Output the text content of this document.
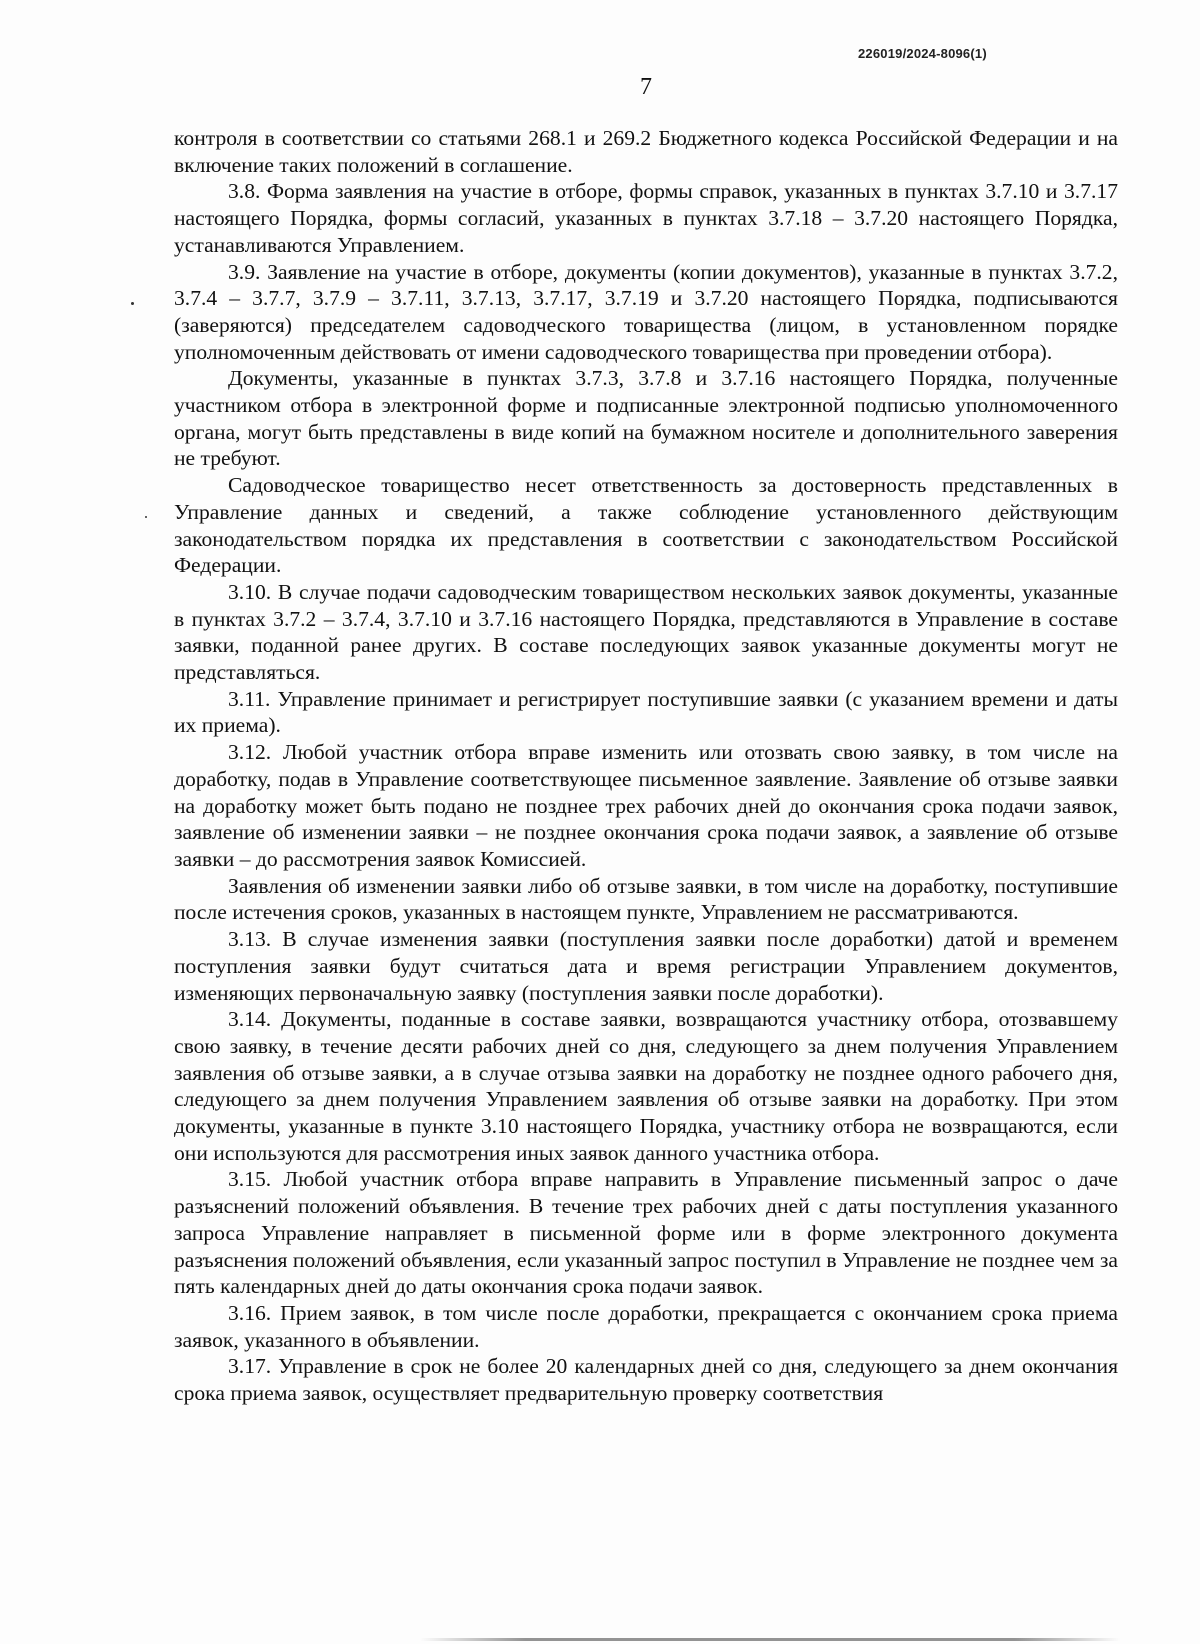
226019/2024-8096(1)
7

контроля в соответствии со статьями 268.1 и 269.2 Бюджетного кодекса Российской Федерации и на включение таких положений в соглашение.

3.8. Форма заявления на участие в отборе, формы справок, указанных в пунктах 3.7.10 и 3.7.17 настоящего Порядка, формы согласий, указанных в пунктах 3.7.18 – 3.7.20 настоящего Порядка, устанавливаются Управлением.

3.9. Заявление на участие в отборе, документы (копии документов), указанные в пунктах 3.7.2, 3.7.4 – 3.7.7, 3.7.9 – 3.7.11, 3.7.13, 3.7.17, 3.7.19 и 3.7.20 настоящего Порядка, подписываются (заверяются) председателем садоводческого товарищества (лицом, в установленном порядке уполномоченным действовать от имени садоводческого товарищества при проведении отбора).

Документы, указанные в пунктах 3.7.3, 3.7.8 и 3.7.16 настоящего Порядка, полученные участником отбора в электронной форме и подписанные электронной подписью уполномоченного органа, могут быть представлены в виде копий на бумажном носителе и дополнительного заверения не требуют.

Садоводческое товарищество несет ответственность за достоверность представленных в Управление данных и сведений, а также соблюдение установленного действующим законодательством порядка их представления в соответствии с законодательством Российской Федерации.

3.10. В случае подачи садоводческим товариществом нескольких заявок документы, указанные в пунктах 3.7.2 – 3.7.4, 3.7.10 и 3.7.16 настоящего Порядка, представляются в Управление в составе заявки, поданной ранее других. В составе последующих заявок указанные документы могут не представляться.

3.11. Управление принимает и регистрирует поступившие заявки (с указанием времени и даты их приема).

3.12. Любой участник отбора вправе изменить или отозвать свою заявку, в том числе на доработку, подав в Управление соответствующее письменное заявление. Заявление об отзыве заявки на доработку может быть подано не позднее трех рабочих дней до окончания срока подачи заявок, заявление об изменении заявки – не позднее окончания срока подачи заявок, а заявление об отзыве заявки – до рассмотрения заявок Комиссией.

Заявления об изменении заявки либо об отзыве заявки, в том числе на доработку, поступившие после истечения сроков, указанных в настоящем пункте, Управлением не рассматриваются.

3.13. В случае изменения заявки (поступления заявки после доработки) датой и временем поступления заявки будут считаться дата и время регистрации Управлением документов, изменяющих первоначальную заявку (поступления заявки после доработки).

3.14. Документы, поданные в составе заявки, возвращаются участнику отбора, отозвавшему свою заявку, в течение десяти рабочих дней со дня, следующего за днем получения Управлением заявления об отзыве заявки, а в случае отзыва заявки на доработку не позднее одного рабочего дня, следующего за днем получения Управлением заявления об отзыве заявки на доработку. При этом документы, указанные в пункте 3.10 настоящего Порядка, участнику отбора не возвращаются, если они используются для рассмотрения иных заявок данного участника отбора.

3.15. Любой участник отбора вправе направить в Управление письменный запрос о даче разъяснений положений объявления. В течение трех рабочих дней с даты поступления указанного запроса Управление направляет в письменной форме или в форме электронного документа разъяснения положений объявления, если указанный запрос поступил в Управление не позднее чем за пять календарных дней до даты окончания срока подачи заявок.

3.16. Прием заявок, в том числе после доработки, прекращается с окончанием срока приема заявок, указанного в объявлении.

3.17. Управление в срок не более 20 календарных дней со дня, следующего за днем окончания срока приема заявок, осуществляет предварительную проверку соответствия
